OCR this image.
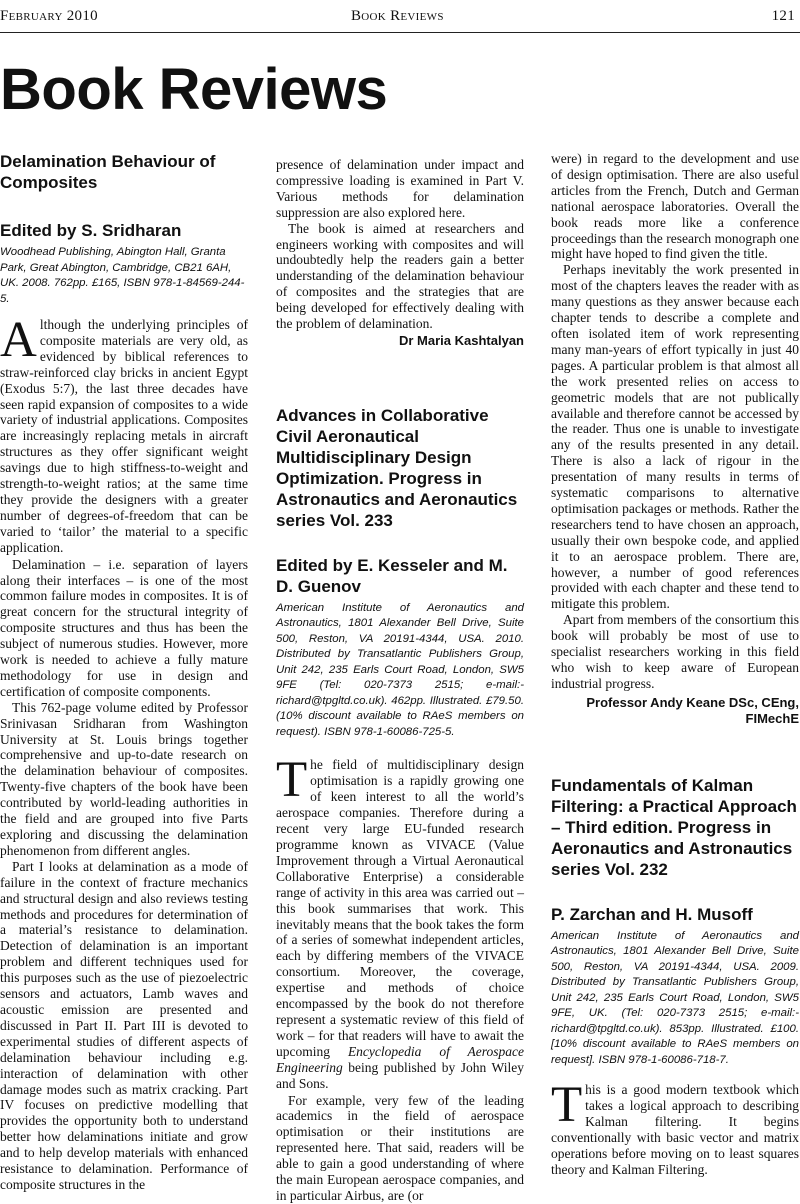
February 2010	Book Reviews	121
Book Reviews
Delamination Behaviour of Composites
Edited by S. Sridharan
Woodhead Publishing, Abington Hall, Granta Park, Great Abington, Cambridge, CB21 6AH, UK. 2008. 762pp. £165, ISBN 978-1-84569-244-5.

Although the underlying principles of composite materials are very old, as evidenced by biblical references to straw-reinforced clay bricks in ancient Egypt (Exodus 5:7), the last three decades have seen rapid expansion of composites to a wide variety of industrial applications. Composites are increasingly replacing metals in aircraft structures as they offer significant weight savings due to high stiffness-to-weight and strength-to-weight ratios; at the same time they provide the designers with a greater number of degrees-of-freedom that can be varied to ‘tailor’ the material to a specific application.

Delamination – i.e. separation of layers along their interfaces – is one of the most common failure modes in composites. It is of great concern for the structural integrity of composite structures and thus has been the subject of numerous studies. However, more work is needed to achieve a fully mature methodology for use in design and certification of composite components.

This 762-page volume edited by Professor Srinivasan Sridharan from Washington University at St. Louis brings together comprehensive and up-to-date research on the delamination behaviour of composites. Twenty-five chapters of the book have been contributed by world-leading authorities in the field and are grouped into five Parts exploring and discussing the delamination phenomenon from different angles.

Part I looks at delamination as a mode of failure in the context of fracture mechanics and structural design and also reviews testing methods and procedures for determination of a material’s resistance to delamination. Detection of delamination is an important problem and different techniques used for this purposes such as the use of piezoelectric sensors and actuators, Lamb waves and acoustic emission are presented and discussed in Part II. Part III is devoted to experimental studies of different aspects of delamination behaviour including e.g. interaction of delamination with other damage modes such as matrix cracking. Part IV focuses on predictive modelling that provides the opportunity both to understand better how delaminations initiate and grow and to help develop materials with enhanced resistance to delamination. Performance of composite structures in the

presence of delamination under impact and compressive loading is examined in Part V. Various methods for delamination suppression are also explored here.

The book is aimed at researchers and engineers working with composites and will undoubtedly help the readers gain a better understanding of the delamination behaviour of composites and the strategies that are being developed for effectively dealing with the problem of delamination.

Dr Maria Kashtalyan
Advances in Collaborative Civil Aeronautical Multidisciplinary Design Optimization. Progress in Astronautics and Aeronautics series Vol. 233
Edited by E. Kesseler and M. D. Guenov
American Institute of Aeronautics and Astronautics, 1801 Alexander Bell Drive, Suite 500, Reston, VA 20191-4344, USA. 2010. Distributed by Transatlantic Publishers Group, Unit 242, 235 Earls Court Road, London, SW5 9FE (Tel: 020-7373 2515; e-mail:-richard@tpgltd.co.uk). 462pp. Illustrated. £79.50. (10% discount available to RAeS members on request). ISBN 978-1-60086-725-5.

The field of multidisciplinary design optimisation is a rapidly growing one of keen interest to all the world’s aerospace companies. Therefore during a recent very large EU-funded research programme known as VIVACE (Value Improvement through a Virtual Aeronautical Collaborative Enterprise) a considerable range of activity in this area was carried out – this book summarises that work. This inevitably means that the book takes the form of a series of somewhat independent articles, each by differing members of the VIVACE consortium. Moreover, the coverage, expertise and methods of choice encompassed by the book do not therefore represent a systematic review of this field of work – for that readers will have to await the upcoming Encyclopedia of Aerospace Engineering being published by John Wiley and Sons.

For example, very few of the leading academics in the field of aerospace optimisation or their institutions are represented here. That said, readers will be able to gain a good understanding of where the main European aerospace companies, and in particular Airbus, are (or

were) in regard to the development and use of design optimisation. There are also useful articles from the French, Dutch and German national aerospace laboratories. Overall the book reads more like a conference proceedings than the research monograph one might have hoped to find given the title.

Perhaps inevitably the work presented in most of the chapters leaves the reader with as many questions as they answer because each chapter tends to describe a complete and often isolated item of work representing many man-years of effort typically in just 40 pages. A particular problem is that almost all the work presented relies on access to geometric models that are not publically available and therefore cannot be accessed by the reader. Thus one is unable to investigate any of the results presented in any detail. There is also a lack of rigour in the presentation of many results in terms of systematic comparisons to alternative optimisation packages or methods. Rather the researchers tend to have chosen an approach, usually their own bespoke code, and applied it to an aerospace problem. There are, however, a number of good references provided with each chapter and these tend to mitigate this problem.

Apart from members of the consortium this book will probably be most of use to specialist researchers working in this field who wish to keep aware of European industrial progress.

Professor Andy Keane DSc, CEng, FIMechE
Fundamentals of Kalman Filtering: a Practical Approach – Third edition. Progress in Aeronautics and Astronautics series Vol. 232
P. Zarchan and H. Musoff
American Institute of Aeronautics and Astronautics, 1801 Alexander Bell Drive, Suite 500, Reston, VA 20191-4344, USA. 2009. Distributed by Transatlantic Publishers Group, Unit 242, 235 Earls Court Road, London, SW5 9FE, UK. (Tel: 020-7373 2515; e-mail:-richard@tpgltd.co.uk). 853pp. Illustrated. £100. [10% discount available to RAeS members on request]. ISBN 978-1-60086-718-7.

This is a good modern textbook which takes a logical approach to describing Kalman filtering. It begins conventionally with basic vector and matrix operations before moving on to least squares theory and Kalman Filtering.
